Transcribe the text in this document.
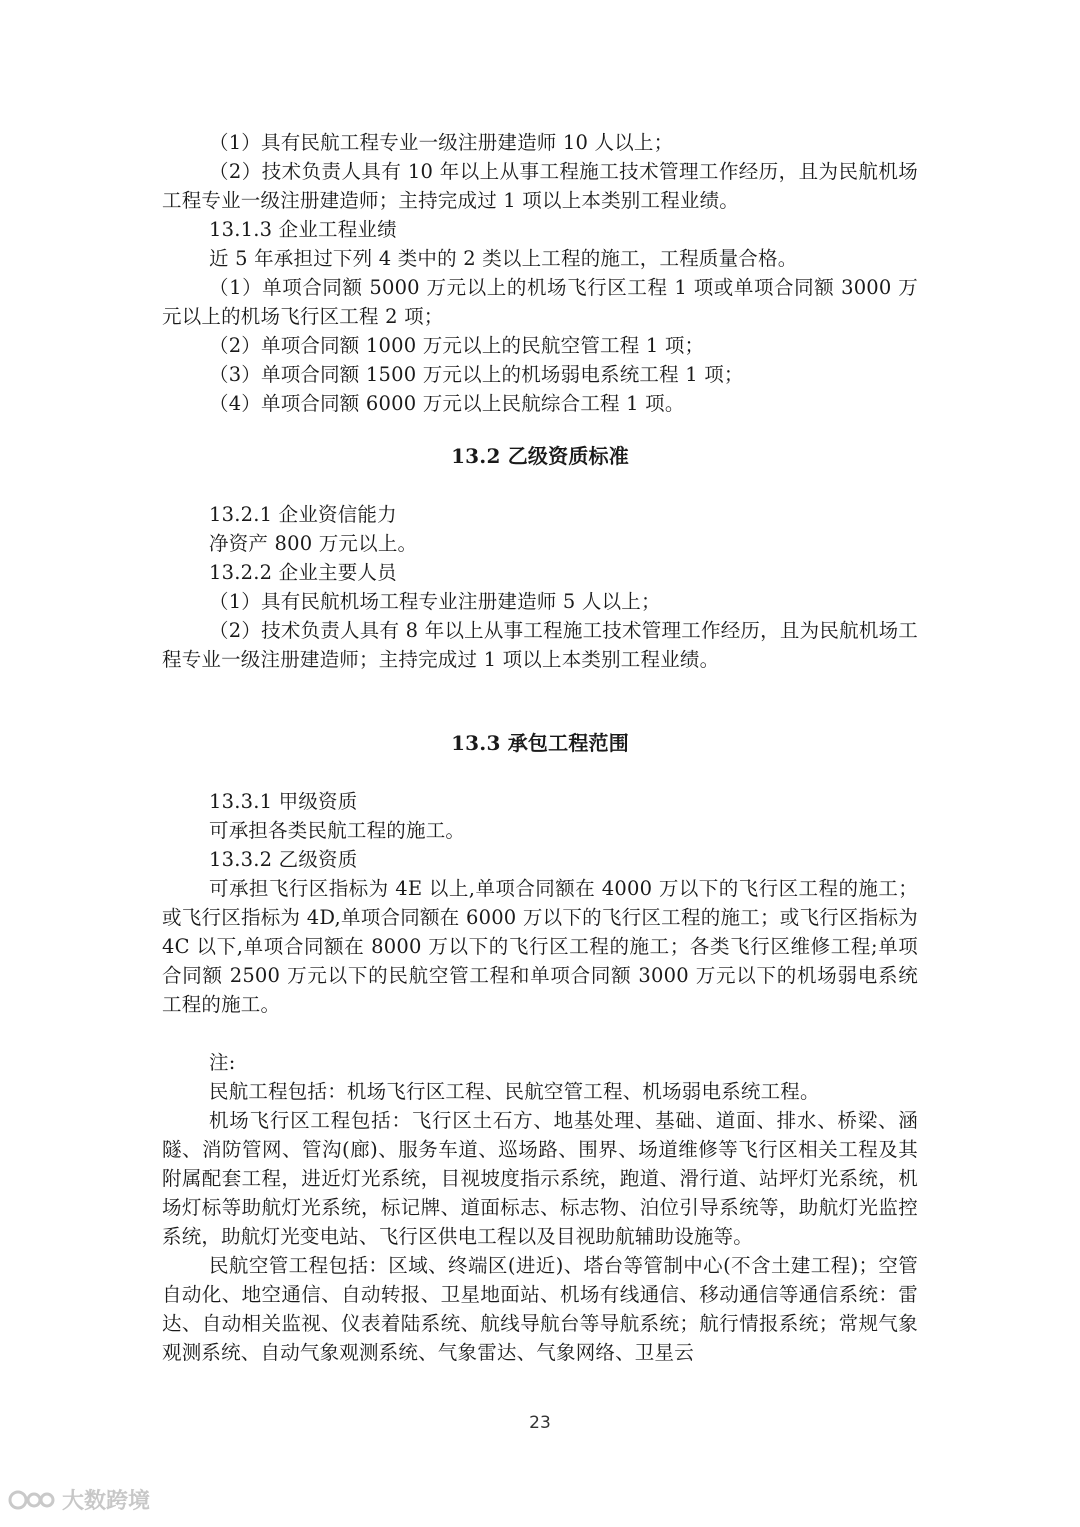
（1）具有民航工程专业一级注册建造师 10 人以上；

（2）技术负责人具有 10 年以上从事工程施工技术管理工作经历，且为民航机场工程专业一级注册建造师；主持完成过 1 项以上本类别工程业绩。

13.1.3 企业工程业绩

近 5 年承担过下列 4 类中的 2 类以上工程的施工，工程质量合格。

（1）单项合同额 5000 万元以上的机场飞行区工程 1 项或单项合同额 3000 万元以上的机场飞行区工程 2 项；

（2）单项合同额 1000 万元以上的民航空管工程 1 项；

（3）单项合同额 1500 万元以上的机场弱电系统工程 1 项；

（4）单项合同额 6000 万元以上民航综合工程 1 项。

13.2 乙级资质标准

13.2.1 企业资信能力

净资产 800 万元以上。

13.2.2 企业主要人员

（1）具有民航机场工程专业注册建造师 5 人以上；

（2）技术负责人具有 8 年以上从事工程施工技术管理工作经历，且为民航机场工程专业一级注册建造师；主持完成过 1 项以上本类别工程业绩。

13.3 承包工程范围

13.3.1 甲级资质

可承担各类民航工程的施工。

13.3.2 乙级资质

可承担飞行区指标为 4E 以上,单项合同额在 4000 万以下的飞行区工程的施工；或飞行区指标为 4D,单项合同额在 6000 万以下的飞行区工程的施工；或飞行区指标为 4C 以下,单项合同额在 8000 万以下的飞行区工程的施工；各类飞行区维修工程;单项合同额 2500 万元以下的民航空管工程和单项合同额 3000 万元以下的机场弱电系统工程的施工。

注:

民航工程包括：机场飞行区工程、民航空管工程、机场弱电系统工程。

机场飞行区工程包括：飞行区土石方、地基处理、基础、道面、排水、桥梁、涵隧、消防管网、管沟(廊)、服务车道、巡场路、围界、场道维修等飞行区相关工程及其附属配套工程，进近灯光系统，目视坡度指示系统，跑道、滑行道、站坪灯光系统，机场灯标等助航灯光系统，标记牌、道面标志、标志物、泊位引导系统等，助航灯光监控系统，助航灯光变电站、飞行区供电工程以及目视助航辅助设施等。

民航空管工程包括：区域、终端区(进近)、塔台等管制中心(不含土建工程)；空管自动化、地空通信、自动转报、卫星地面站、机场有线通信、移动通信等通信系统：雷达、自动相关监视、仪表着陆系统、航线导航台等导航系统；航行情报系统；常规气象观测系统、自动气象观测系统、气象雷达、气象网络、卫星云

23
大数跨境
